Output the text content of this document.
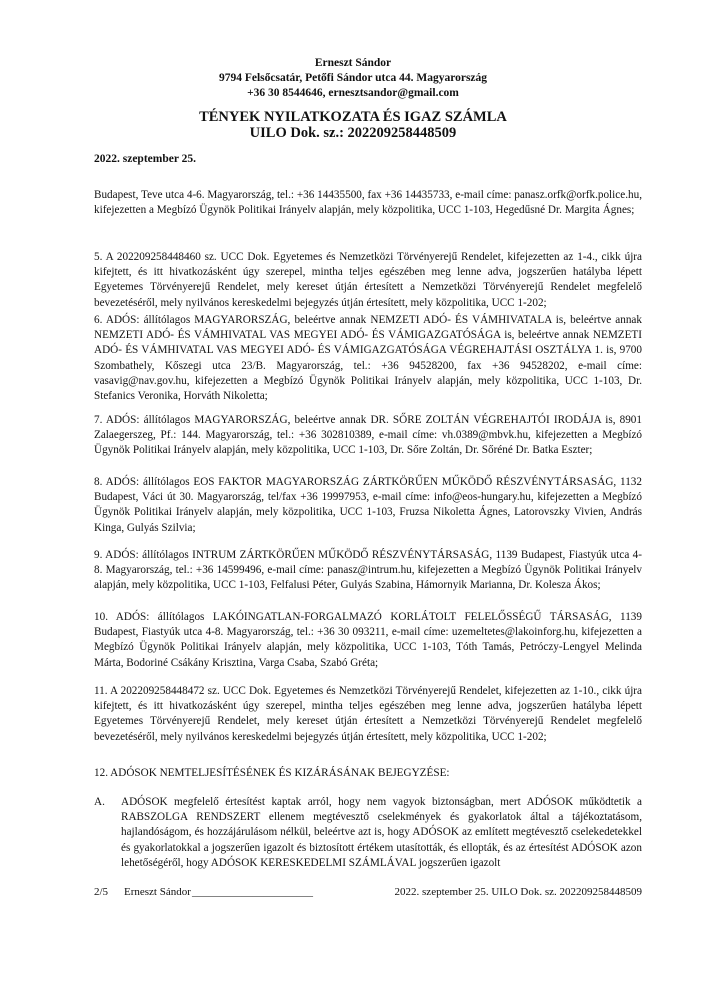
Erneszt Sándor
9794 Felsőcsatár, Petőfi Sándor utca 44. Magyarország
+36 30 8544646, ernesztsandor@gmail.com
TÉNYEK NYILATKOZATA ÉS IGAZ SZÁMLA
UILO Dok. sz.: 202209258448509
2022. szeptember 25.
Budapest, Teve utca 4-6. Magyarország, tel.: +36 14435500, fax +36 14435733, e-mail címe: panasz.orfk@orfk.police.hu, kifejezetten a Megbízó Ügynök Politikai Irányelv alapján, mely közpolitika, UCC 1-103, Hegedűsné Dr. Margita Ágnes;
5. A 202209258448460 sz. UCC Dok. Egyetemes és Nemzetközi Törvényerejű Rendelet, kifejezetten az 1-4., cikk újra kifejtett, és itt hivatkozásként úgy szerepel, mintha teljes egészében meg lenne adva, jogszerűen hatályba lépett Egyetemes Törvényerejű Rendelet, mely kereset útján értesített a Nemzetközi Törvényerejű Rendelet megfelelő bevezetéséről, mely nyilvános kereskedelmi bejegyzés útján értesített, mely közpolitika, UCC 1-202;
6. ADÓS: állítólagos MAGYARORSZÁG, beleértve annak NEMZETI ADÓ- ÉS VÁMHIVATALA is, beleértve annak NEMZETI ADÓ- ÉS VÁMHIVATAL VAS MEGYEI ADÓ- ÉS VÁMIGAZGATÓSÁGA is, beleértve annak NEMZETI ADÓ- ÉS VÁMHIVATAL VAS MEGYEI ADÓ- ÉS VÁMIGAZGATÓSÁGA VÉGREHAJTÁSI OSZTÁLYA 1. is, 9700 Szombathely, Kőszegi utca 23/B. Magyarország, tel.: +36 94528200, fax +36 94528202, e-mail címe: vasavig@nav.gov.hu, kifejezetten a Megbízó Ügynök Politikai Irányelv alapján, mely közpolitika, UCC 1-103, Dr. Stefanics Veronika, Horváth Nikoletta;
7. ADÓS: állítólagos MAGYARORSZÁG, beleértve annak DR. SŐRE ZOLTÁN VÉGREHAJTÓI IRODÁJA is, 8901 Zalaegerszeg, Pf.: 144. Magyarország, tel.: +36 302810389, e-mail címe: vh.0389@mbvk.hu, kifejezetten a Megbízó Ügynök Politikai Irányelv alapján, mely közpolitika, UCC 1-103, Dr. Sőre Zoltán, Dr. Sőréné Dr. Batka Eszter;
8. ADÓS: állítólagos EOS FAKTOR MAGYARORSZÁG ZÁRTKÖRŰEN MŰKÖDŐ RÉSZVÉNYTÁRSASÁG, 1132 Budapest, Váci út 30. Magyarország, tel/fax +36 19997953, e-mail címe: info@eos-hungary.hu, kifejezetten a Megbízó Ügynök Politikai Irányelv alapján, mely közpolitika, UCC 1-103, Fruzsa Nikoletta Ágnes, Latorovszky Vivien, András Kinga, Gulyás Szilvia;
9. ADÓS: állítólagos INTRUM ZÁRTKÖRŰEN MŰKÖDŐ RÉSZVÉNYTÁRSASÁG, 1139 Budapest, Fiastyúk utca 4-8. Magyarország, tel.: +36 14599496, e-mail címe: panasz@intrum.hu, kifejezetten a Megbízó Ügynök Politikai Irányelv alapján, mely közpolitika, UCC 1-103, Felfalusi Péter, Gulyás Szabina, Hámornyik Marianna, Dr. Kolesza Ákos;
10. ADÓS: állítólagos LAKÓINGATLAN-FORGALMAZÓ KORLÁTOLT FELELŐSSÉGŰ TÁRSASÁG, 1139 Budapest, Fiastyúk utca 4-8. Magyarország, tel.: +36 30 093211, e-mail címe: uzemeltetes@lakoinforg.hu, kifejezetten a Megbízó Ügynök Politikai Irányelv alapján, mely közpolitika, UCC 1-103, Tóth Tamás, Petróczy-Lengyel Melinda Márta, Bodoriné Csákány Krisztina, Varga Csaba, Szabó Gréta;
11. A 202209258448472 sz. UCC Dok. Egyetemes és Nemzetközi Törvényerejű Rendelet, kifejezetten az 1-10., cikk újra kifejtett, és itt hivatkozásként úgy szerepel, mintha teljes egészében meg lenne adva, jogszerűen hatályba lépett Egyetemes Törvényerejű Rendelet, mely kereset útján értesített a Nemzetközi Törvényerejű Rendelet megfelelő bevezetéséről, mely nyilvános kereskedelmi bejegyzés útján értesített, mely közpolitika, UCC 1-202;
12. ADÓSOK NEMTELJESÍTÉSÉNEK ÉS KIZÁRÁSÁNAK BEJEGYZÉSE:
A. ADÓSOK megfelelő értesítést kaptak arról, hogy nem vagyok biztonságban, mert ADÓSOK működtetik a RABSZOLGA RENDSZERT ellenem megtévesztő cselekmények és gyakorlatok által a tájékoztatásom, hajlandóságom, és hozzájárulásom nélkül, beleértve azt is, hogy ADÓSOK az említett megtévesztő cselekedetekkel és gyakorlatokkal a jogszerűen igazolt és biztosított értékem utasították, és ellopták, és az értesítést ADÓSOK azon lehetőségéről, hogy ADÓSOK KERESKEDELMI SZÁMLÁVAL jogszerűen igazolt
2/5 Erneszt Sándor ______________________	2022. szeptember 25. UILO Dok. sz. 202209258448509
